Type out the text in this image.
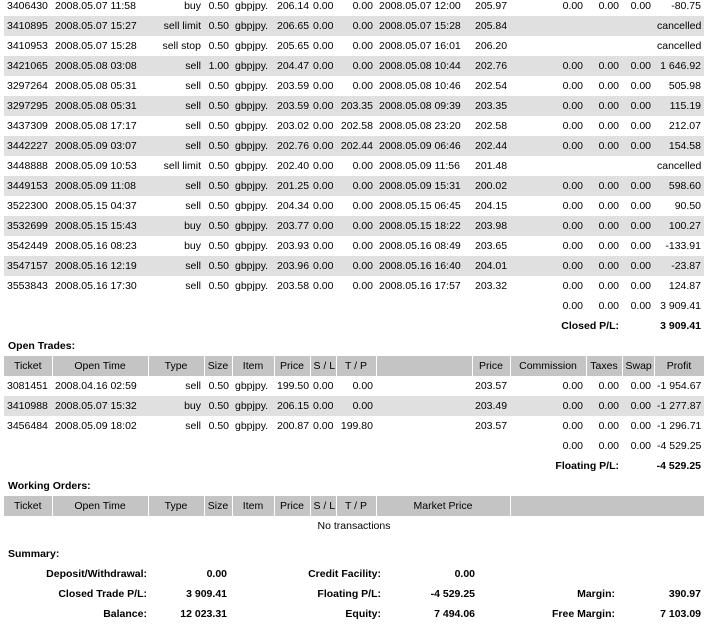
3406430	2008.05.07 11:58	buy	0.50	gbpjpy.	206.14	0.00	0.00	2008.05.07 12:00	205.97	0.00	0.00	0.00	-80.75
3410895	2008.05.07 15:27	sell limit	0.50	gbpjpy.	206.65	0.00	0.00	2008.05.07 15:28	205.84				cancelled
3410953	2008.05.07 15:28	sell stop	0.50	gbpjpy.	205.65	0.00	0.00	2008.05.07 16:01	206.20				cancelled
3421065	2008.05.08 03:08	sell	1.00	gbpjpy.	204.47	0.00	0.00	2008.05.08 10:44	202.76	0.00	0.00	0.00	1 646.92
3297264	2008.05.08 05:31	sell	0.50	gbpjpy.	203.59	0.00	0.00	2008.05.08 10:46	202.54	0.00	0.00	0.00	505.98
3297295	2008.05.08 05:31	sell	0.50	gbpjpy.	203.59	0.00	203.35	2008.05.08 09:39	203.35	0.00	0.00	0.00	115.19
3437309	2008.05.08 17:17	sell	0.50	gbpjpy.	203.02	0.00	202.58	2008.05.08 23:20	202.58	0.00	0.00	0.00	212.07
3442227	2008.05.09 03:07	sell	0.50	gbpjpy.	202.76	0.00	202.44	2008.05.09 06:46	202.44	0.00	0.00	0.00	154.58
3448888	2008.05.09 10:53	sell limit	0.50	gbpjpy.	202.40	0.00	0.00	2008.05.09 11:56	201.48				cancelled
3449153	2008.05.09 11:08	sell	0.50	gbpjpy.	201.25	0.00	0.00	2008.05.09 15:31	200.02	0.00	0.00	0.00	598.60
3522300	2008.05.15 04:37	sell	0.50	gbpjpy.	204.34	0.00	0.00	2008.05.15 06:45	204.15	0.00	0.00	0.00	90.50
3532699	2008.05.15 15:43	buy	0.50	gbpjpy.	203.77	0.00	0.00	2008.05.15 18:22	203.98	0.00	0.00	0.00	100.27
3542449	2008.05.16 08:23	buy	0.50	gbpjpy.	203.93	0.00	0.00	2008.05.16 08:49	203.65	0.00	0.00	0.00	-133.91
3547157	2008.05.16 12:19	sell	0.50	gbpjpy.	203.96	0.00	0.00	2008.05.16 16:40	204.01	0.00	0.00	0.00	-23.87
3553843	2008.05.16 17:30	sell	0.50	gbpjpy.	203.58	0.00	0.00	2008.05.16 17:57	203.32	0.00	0.00	0.00	124.87
										0.00	0.00	0.00	3 909.41
										Closed P/L:		3 909.41	
Open Trades:
Ticket	Open Time	Type	Size	Item	Price	S / L	T / P		Price	Commission	Taxes	Swap	Profit
3081451	2008.04.16 02:59	sell	0.50	gbpjpy.	199.50	0.00	0.00		203.57	0.00	0.00	0.00	-1 954.67
3410988	2008.05.07 15:32	buy	0.50	gbpjpy.	206.15	0.00	0.00		203.49	0.00	0.00	0.00	-1 277.87
3456484	2008.05.09 18:02	sell	0.50	gbpjpy.	200.87	0.00	199.80		203.57	0.00	0.00	0.00	-1 296.71
										0.00	0.00	0.00	-4 529.25
										Floating P/L:		-4 529.25	
Working Orders:
Ticket	Open Time	Type	Size	Item	Price	S / L	T / P	Market Price	
No transactions
Summary:
Deposit/Withdrawal:	0.00	Credit Facility:	0.00		
Closed Trade P/L:	3 909.41	Floating P/L:	-4 529.25	Margin:	390.97
Balance:	12 023.31	Equity:	7 494.06	Free Margin:	7 103.09
